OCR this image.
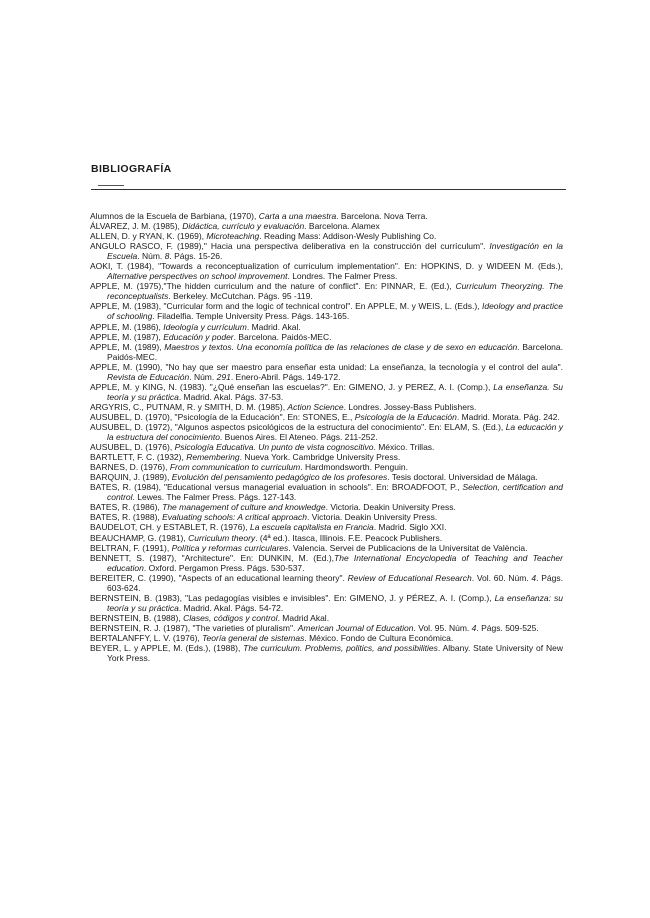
BIBLIOGRAFÍA
Alumnos de la Escuela de Barbiana, (1970), Carta a una maestra. Barcelona. Nova Terra.
ÁLVAREZ, J. M. (1985), Didáctica, currículo y evaluación. Barcelona. Alamex
ALLEN, D. y RYAN, K. (1969), Microteaching. Reading Mass: Addison-Wesly Publishing Co.
ANGULO RASCO, F. (1989)," Hacia una perspectiva deliberativa en la construcción del currículum". Investigación en la Escuela. Núm. 8. Págs. 15-26.
AOKI, T. (1984), "Towards a reconceptualization of curriculum implementation". En: HOPKINS, D. y WIDEEN M. (Eds.), Alternative perspectives on school improvement. Londres. The Falmer Press.
APPLE, M. (1975),"The hidden curriculum and the nature of conflict". En: PINNAR, E. (Ed.), Curriculum Theoryzing. The reconceptualists. Berkeley. McCutchan. Págs. 95 -119.
APPLE, M. (1983), "Curricular form and the logic of technical control". En APPLE, M. y WEIS, L. (Eds.), Ideology and practice of schooling. Filadelfia. Temple University Press. Págs. 143-165.
APPLE, M. (1986), Ideología y currículum. Madrid. Akal.
APPLE, M. (1987), Educación y poder. Barcelona. Paidós-MEC.
APPLE, M. (1989), Maestros y textos. Una economía política de las relaciones de clase y de sexo en educación. Barcelona. Paidós-MEC.
APPLE, M. (1990), "No hay que ser maestro para enseñar esta unidad: La enseñanza, la tecnología y el control del aula". Revista de Educación. Núm. 291. Enero-Abril. Págs. 149-172.
APPLE, M. y KING, N. (1983). "¿Qué enseñan las escuelas?". En: GIMENO, J. y PEREZ, A. I. (Comp.), La enseñanza. Su teoría y su práctica. Madrid. Akal. Págs. 37-53.
ARGYRIS, C., PUTNAM, R. y SMITH, D. M. (1985), Action Science. Londres. Jossey-Bass Publishers.
AUSUBEL, D. (1970), "Psicología de la Educación". En: STONES, E., Psicología de la Educación. Madrid. Morata. Pág. 242.
AUSUBEL, D. (1972), "Algunos aspectos psicológicos de la estructura del conocimiento". En: ELAM, S. (Ed.), La educación y la estructura del conocimiento. Buenos Aires. El Ateneo. Págs. 211-252.
AUSUBEL, D. (1976), Psicología Educativa. Un punto de vista cognoscitivo. México. Trillas.
BARTLETT, F. C. (1932), Remembering. Nueva York. Cambridge University Press.
BARNES, D. (1976), From communication to curriculum. Hardmondsworth. Penguin.
BARQUIN, J. (1989), Evolución del pensamiento pedagógico de los profesores. Tesis doctoral. Universidad de Málaga.
BATES, R. (1984), "Educational versus managerial evaluation in schools". En: BROADFOOT, P., Selection, certification and control. Lewes. The Falmer Press. Págs. 127-143.
BATES, R. (1986), The management of culture and knowledge. Victoria. Deakin University Press.
BATES, R. (1988), Evaluating schools: A critical approach. Victoria. Deakin University Press.
BAUDELOT, CH. y ESTABLET, R. (1976), La escuela capitalista en Francia. Madrid. Siglo XXI.
BEAUCHAMP, G. (1981), Curriculum theory. (4ª ed.). Itasca, Illinois. F.E. Peacock Publishers.
BELTRAN, F. (1991), Política y reformas curriculares. Valencia. Servei de Publicacions de la Universitat de València.
BENNETT, S. (1987), "Architecture". En: DUNKIN, M. (Ed.),The International Encyclopedia of Teaching and Teacher education. Oxford. Pergamon Press. Págs. 530-537.
BEREITER, C. (1990), "Aspects of an educational learning theory". Review of Educational Research. Vol. 60. Núm. 4. Págs. 603-624.
BERNSTEIN, B. (1983), "Las pedagogías visibles e invisibles". En: GIMENO, J. y PÉREZ, A. I. (Comp.), La enseñanza: su teoría y su práctica. Madrid. Akal. Págs. 54-72.
BERNSTEIN, B. (1988), Clases, códigos y control. Madrid Akal.
BERNSTEIN, R. J. (1987), "The varieties of pluralism". American Journal of Education. Vol. 95. Núm. 4. Págs. 509-525.
BERTALANFFY, L. V. (1976), Teoría general de sistemas. México. Fondo de Cultura Económica.
BEYER, L. y APPLE, M. (Eds.), (1988), The curriculum. Problems, politics, and possibilities. Albany. State University of New York Press.
